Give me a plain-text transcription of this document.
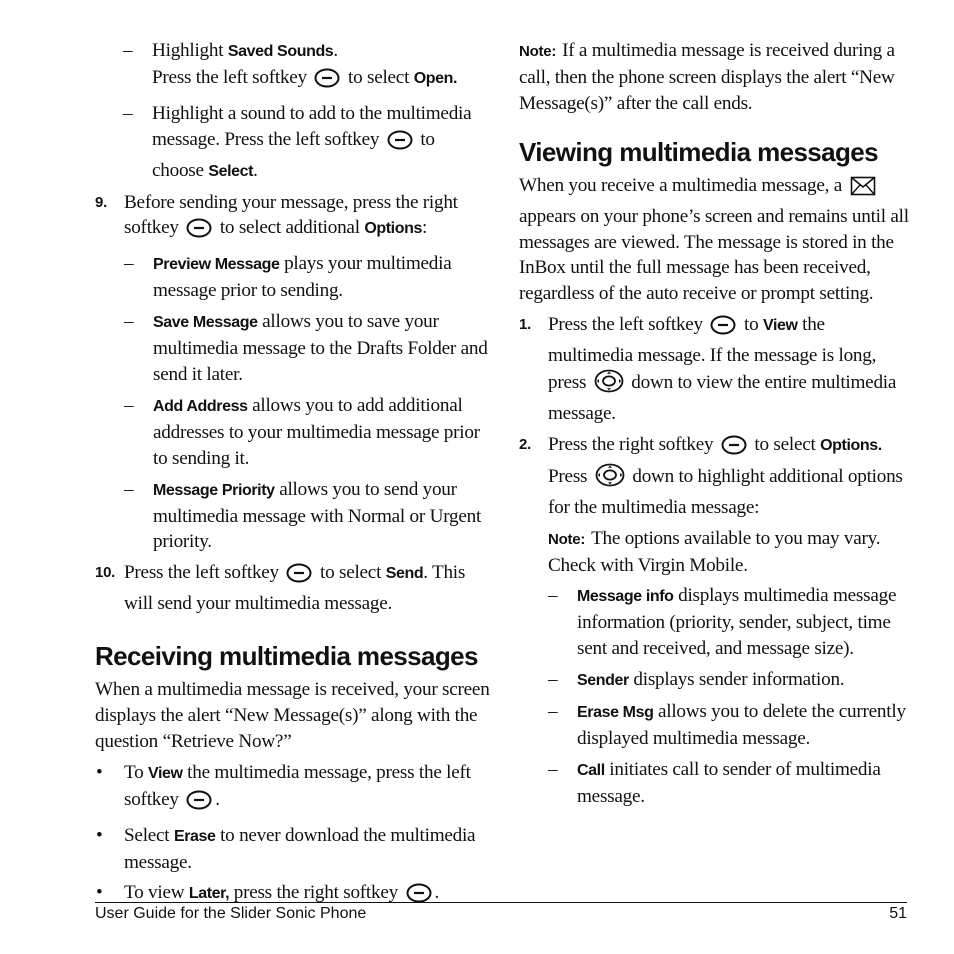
– Highlight Saved Sounds.
Press the left softkey  to select Open.
– Highlight a sound to add to the multimedia message. Press the left softkey  to choose Select.
9. Before sending your message, press the right softkey  to select additional Options:
– Preview Message plays your multimedia message prior to sending.
– Save Message allows you to save your multimedia message to the Drafts Folder and send it later.
– Add Address allows you to add additional addresses to your multimedia message prior to sending it.
– Message Priority allows you to send your multimedia message with Normal or Urgent priority.
10. Press the left softkey  to select Send. This will send your multimedia message.
Receiving multimedia messages

When a multimedia message is received, your screen displays the alert “New Message(s)” along with the question “Retrieve Now?”

• To View the multimedia message, press the left softkey .
• Select Erase to never download the multimedia message.
• To view Later, press the right softkey .

Note: If a multimedia message is received during a call, then the phone screen displays the alert “New Message(s)” after the call ends.

Viewing multimedia messages

When you receive a multimedia message, a  appears on your phone’s screen and remains until all messages are viewed. The message is stored in the InBox until the full message has been received, regardless of the auto receive or prompt setting.

1. Press the left softkey  to View the multimedia message. If the message is long, press  down to view the entire multimedia message.
2. Press the right softkey  to select Options.
Press  down to highlight additional options for the multimedia message:
Note: The options available to you may vary. Check with Virgin Mobile.
– Message info displays multimedia message information (priority, sender, subject, time sent and received, and message size).
– Sender displays sender information.
– Erase Msg allows you to delete the currently displayed multimedia message.
– Call initiates call to sender of multimedia message.
User Guide for the Slider Sonic Phone	51
